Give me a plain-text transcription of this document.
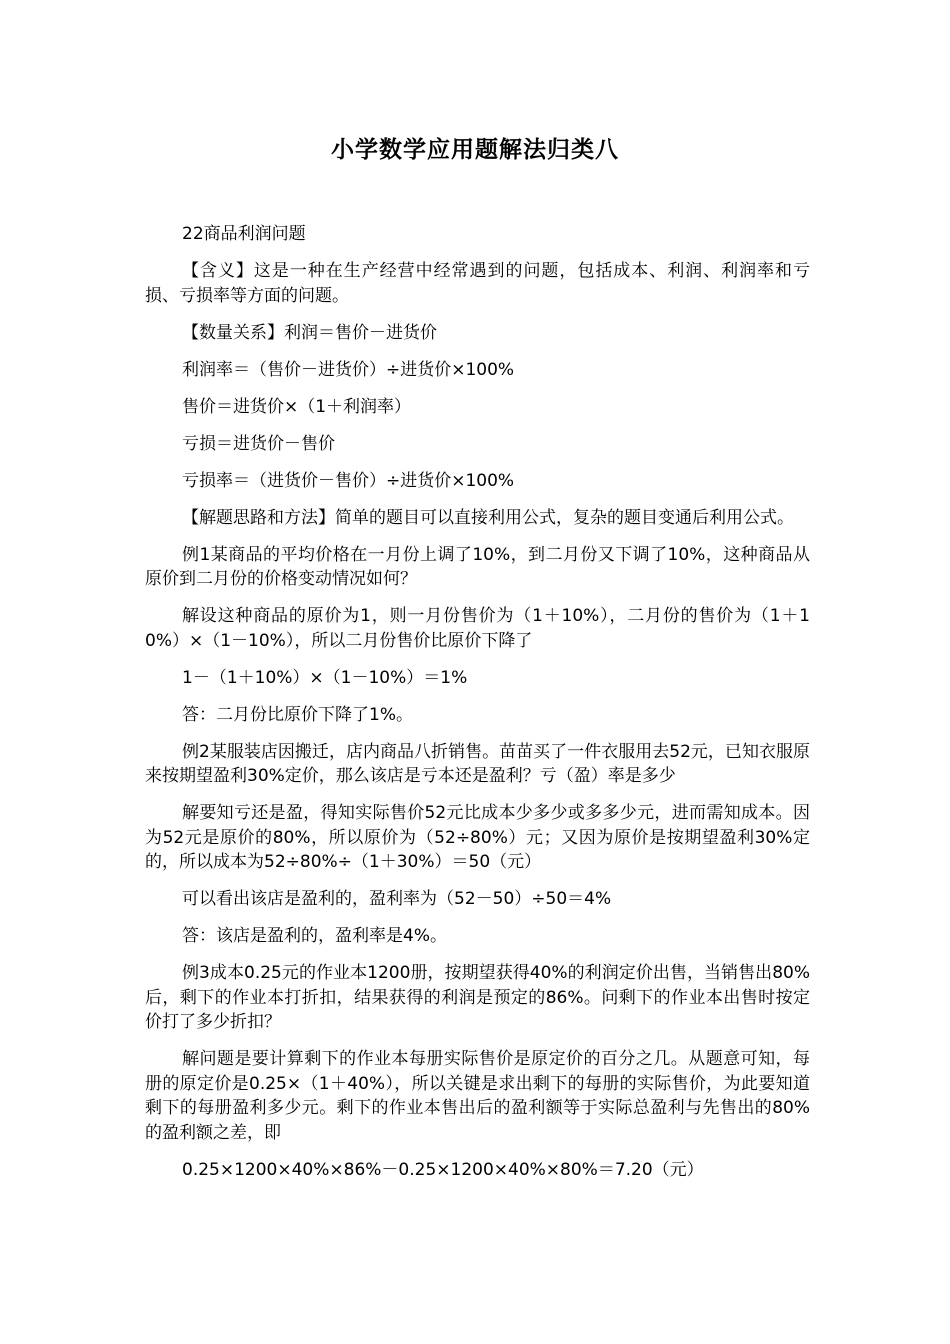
小学数学应用题解法归类八

22商品利润问题

【含义】这是一种在生产经营中经常遇到的问题，包括成本、利润、利润率和亏损、亏损率等方面的问题。

【数量关系】利润＝售价－进货价

利润率＝（售价－进货价）÷进货价×100%

售价＝进货价×（1＋利润率）

亏损＝进货价－售价

亏损率＝（进货价－售价）÷进货价×100%

【解题思路和方法】简单的题目可以直接利用公式，复杂的题目变通后利用公式。

例1某商品的平均价格在一月份上调了10%，到二月份又下调了10%，这种商品从原价到二月份的价格变动情况如何？

解设这种商品的原价为1，则一月份售价为（1＋10%），二月份的售价为（1＋10%）×（1－10%），所以二月份售价比原价下降了

1－（1＋10%）×（1－10%）＝1%

答：二月份比原价下降了1%。

例2某服装店因搬迁，店内商品八折销售。苗苗买了一件衣服用去52元，已知衣服原来按期望盈利30%定价，那么该店是亏本还是盈利？亏（盈）率是多少

解要知亏还是盈，得知实际售价52元比成本少多少或多多少元，进而需知成本。因为52元是原价的80%，所以原价为（52÷80%）元；又因为原价是按期望盈利30%定的，所以成本为52÷80%÷（1＋30%）＝50（元）

可以看出该店是盈利的，盈利率为（52－50）÷50＝4%

答：该店是盈利的，盈利率是4%。

例3成本0.25元的作业本1200册，按期望获得40%的利润定价出售，当销售出80%后，剩下的作业本打折扣，结果获得的利润是预定的86%。问剩下的作业本出售时按定价打了多少折扣？

解问题是要计算剩下的作业本每册实际售价是原定价的百分之几。从题意可知，每册的原定价是0.25×（1＋40%），所以关键是求出剩下的每册的实际售价，为此要知道剩下的每册盈利多少元。剩下的作业本售出后的盈利额等于实际总盈利与先售出的80%的盈利额之差，即

0.25×1200×40%×86%－0.25×1200×40%×80%＝7.20（元）
